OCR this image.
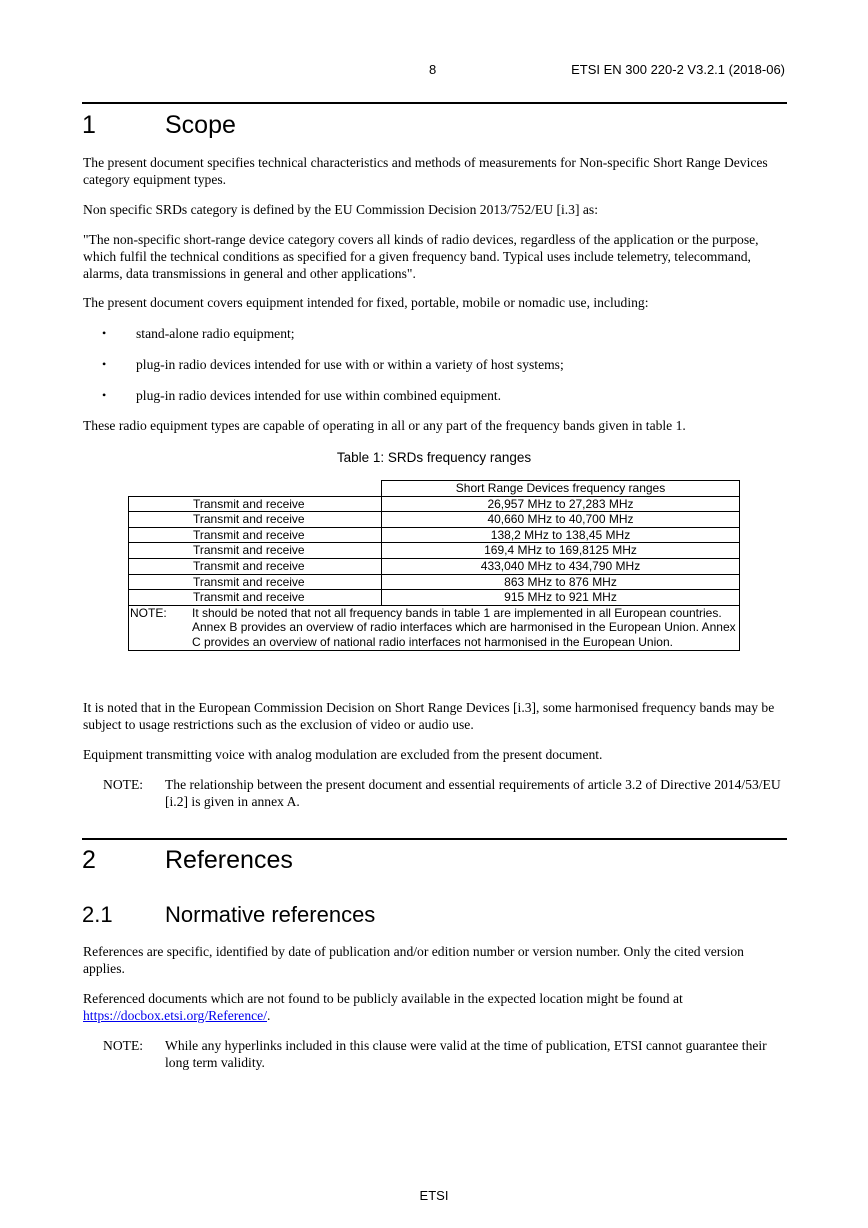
8	ETSI EN 300 220-2 V3.2.1 (2018-06)
1	Scope
The present document specifies technical characteristics and methods of measurements for Non-specific Short Range Devices category equipment types.
Non specific SRDs category is defined by the EU Commission Decision 2013/752/EU [i.3] as:
"The non-specific short-range device category covers all kinds of radio devices, regardless of the application or the purpose, which fulfil the technical conditions as specified for a given frequency band. Typical uses include telemetry, telecommand, alarms, data transmissions in general and other applications".
The present document covers equipment intended for fixed, portable, mobile or nomadic use, including:
•	stand-alone radio equipment;
•	plug-in radio devices intended for use with or within a variety of host systems;
•	plug-in radio devices intended for use within combined equipment.
These radio equipment types are capable of operating in all or any part of the frequency bands given in table 1.
Table 1: SRDs frequency ranges
	Short Range Devices frequency ranges
Transmit and receive	26,957 MHz to 27,283 MHz
Transmit and receive	40,660 MHz to 40,700 MHz
Transmit and receive	138,2 MHz to 138,45 MHz
Transmit and receive	169,4 MHz to 169,8125 MHz
Transmit and receive	433,040 MHz to 434,790 MHz
Transmit and receive	863 MHz to 876 MHz
Transmit and receive	915 MHz to 921 MHz

NOTE: It should be noted that not all frequency bands in table 1 are implemented in all European countries. Annex B provides an overview of radio interfaces which are harmonised in the European Union. Annex C provides an overview of national radio interfaces not harmonised in the European Union.	
It is noted that in the European Commission Decision on Short Range Devices [i.3], some harmonised frequency bands may be subject to usage restrictions such as the exclusion of video or audio use.
Equipment transmitting voice with analog modulation are excluded from the present document.
NOTE:	The relationship between the present document and essential requirements of article 3.2 of Directive 2014/53/EU [i.2] is given in annex A.
2	References
2.1	Normative references
References are specific, identified by date of publication and/or edition number or version number. Only the cited version applies.
Referenced documents which are not found to be publicly available in the expected location might be found at https://docbox.etsi.org/Reference/.
NOTE:	While any hyperlinks included in this clause were valid at the time of publication, ETSI cannot guarantee their long term validity.
ETSI
